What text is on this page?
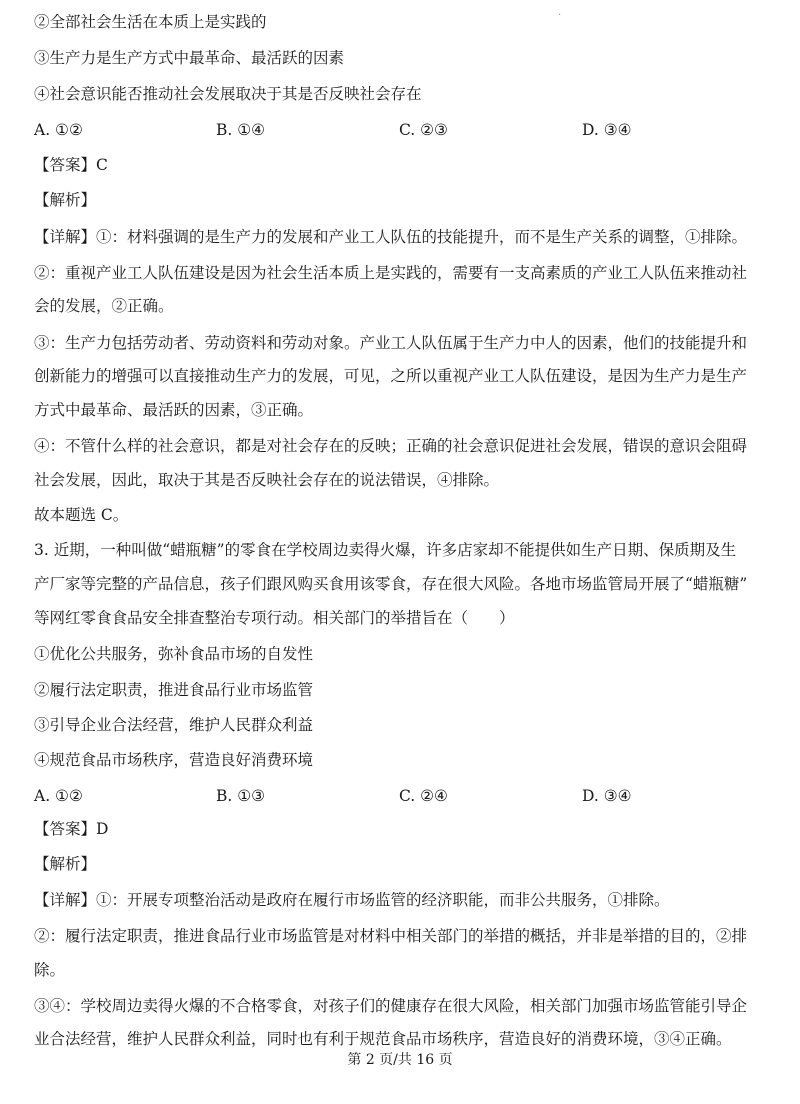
·
②全部社会生活在本质上是实践的
③生产力是生产方式中最革命、最活跃的因素
④社会意识能否推动社会发展取决于其是否反映社会存在
A. ①②	B. ①④	C. ②③	D. ③④
【答案】C
【解析】
【详解】①：材料强调的是生产力的发展和产业工人队伍的技能提升，而不是生产关系的调整，①排除。
②：重视产业工人队伍建设是因为社会生活本质上是实践的，需要有一支高素质的产业工人队伍来推动社
会的发展，②正确。
③：生产力包括劳动者、劳动资料和劳动对象。产业工人队伍属于生产力中人的因素，他们的技能提升和
创新能力的增强可以直接推动生产力的发展，可见，之所以重视产业工人队伍建设，是因为生产力是生产
方式中最革命、最活跃的因素，③正确。
④：不管什么样的社会意识，都是对社会存在的反映；正确的社会意识促进社会发展，错误的意识会阻碍
社会发展，因此，取决于其是否反映社会存在的说法错误，④排除。
故本题选 C。
3. 近期，一种叫做“蜡瓶糖”的零食在学校周边卖得火爆，许多店家却不能提供如生产日期、保质期及生
产厂家等完整的产品信息，孩子们跟风购买食用该零食，存在很大风险。各地市场监管局开展了“蜡瓶糖”
等网红零食食品安全排查整治专项行动。相关部门的举措旨在（　　）
①优化公共服务，弥补食品市场的自发性
②履行法定职责，推进食品行业市场监管
③引导企业合法经营，维护人民群众利益
④规范食品市场秩序，营造良好消费环境
A. ①②	B. ①③	C. ②④	D. ③④
【答案】D
【解析】
【详解】①：开展专项整治活动是政府在履行市场监管的经济职能，而非公共服务，①排除。
②：履行法定职责，推进食品行业市场监管是对材料中相关部门的举措的概括，并非是举措的目的，②排
除。
③④：学校周边卖得火爆的不合格零食，对孩子们的健康存在很大风险，相关部门加强市场监管能引导企
业合法经营，维护人民群众利益，同时也有利于规范食品市场秩序，营造良好的消费环境，③④正确。
第 2 页/共 16 页
